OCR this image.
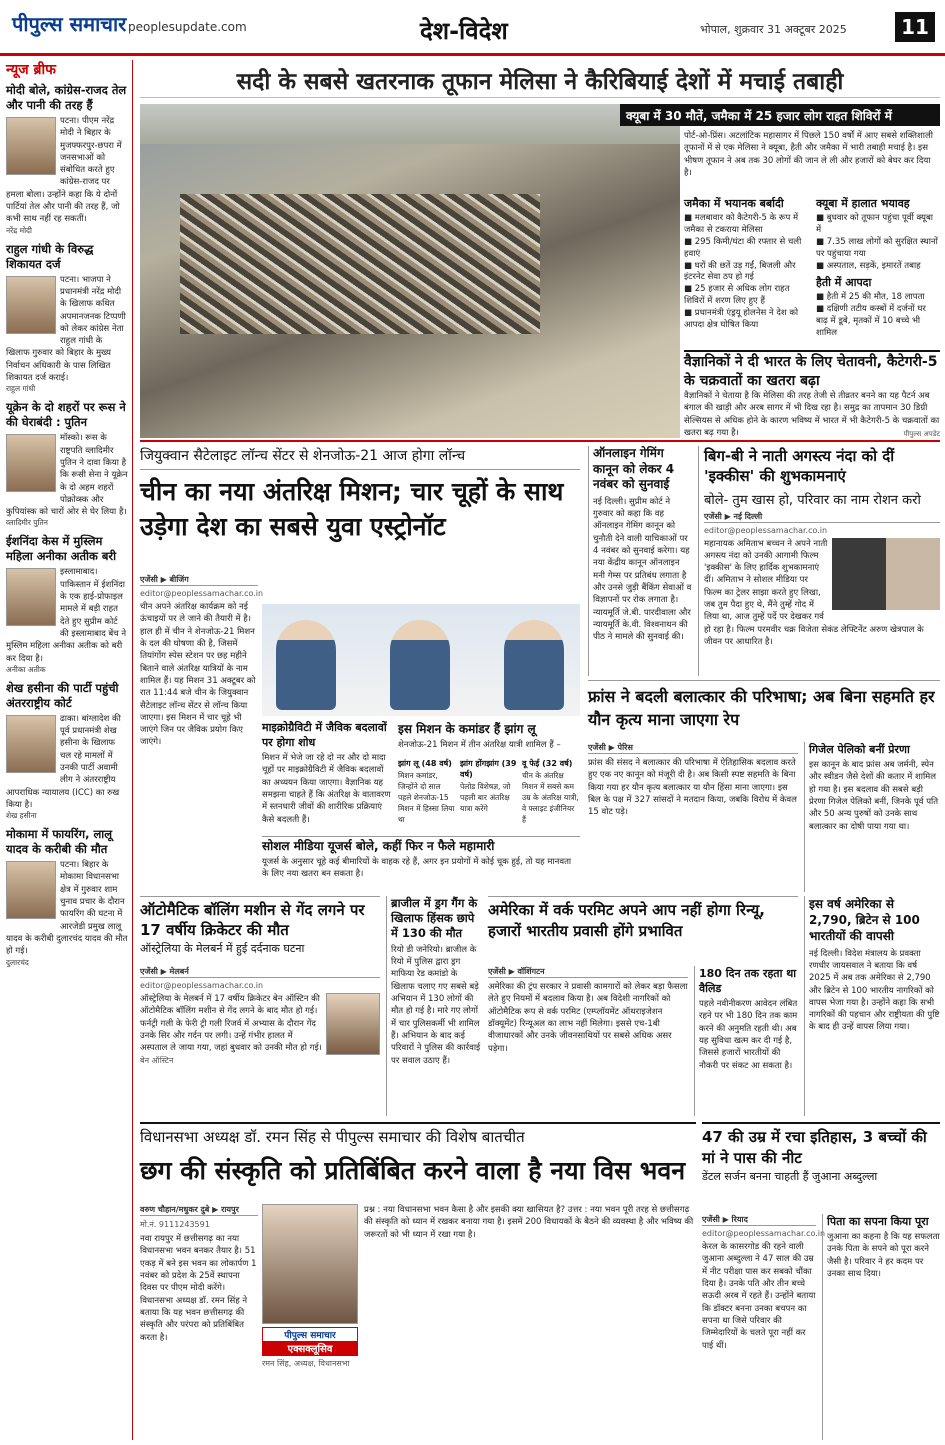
पीपुल्स समाचार peoplesupdate.com	देश-विदेश	भोपाल, शुक्रवार 31 अक्टूबर 2025	11
न्यूज ब्रीफ
मोदी बोले, कांग्रेस-राजद तेल और पानी की तरह हैं

पटना। पीएम नरेंद्र मोदी ने बिहार के मुजफ्फरपुर-छपरा में जनसभाओं को संबोधित करते हुए कांग्रेस-राजद पर हमला बोला। उन्होंने कहा कि ये दोनों पार्टियां तेल और पानी की तरह हैं, जो कभी साथ नहीं रह सकतीं।

नरेंद्र मोदी
राहुल गांधी के विरुद्ध शिकायत दर्ज

पटना। भाजपा ने प्रधानमंत्री नरेंद्र मोदी के खिलाफ कथित अपमानजनक टिप्पणी को लेकर कांग्रेस नेता राहुल गांधी के खिलाफ गुरुवार को बिहार के मुख्य निर्वाचन अधिकारी के पास लिखित शिकायत दर्ज कराई।

राहुल गांधी
यूक्रेन के दो शहरों पर रूस ने की घेराबंदी : पुतिन

मॉस्को। रूस के राष्ट्रपति व्लादिमीर पुतिन ने दावा किया है कि रूसी सेना ने यूक्रेन के दो अहम शहरों पोक्रोव्स्क और कुपियांस्क को चारों ओर से घेर लिया है।

व्लादिमीर पुतिन
ईशनिंदा केस में मुस्लिम महिला अनीका अतीक बरी

इस्लामाबाद। पाकिस्तान में ईशनिंदा के एक हाई-प्रोफाइल मामले में बड़ी राहत देते हुए सुप्रीम कोर्ट की इस्लामाबाद बेंच ने मुस्लिम महिला अनीका अतीक को बरी कर दिया है।

अनीका अतीक
शेख हसीना की पार्टी पहुंची अंतरराष्ट्रीय कोर्ट

ढाका। बांग्लादेश की पूर्व प्रधानमंत्री शेख हसीना के खिलाफ चल रहे मामलों में उनकी पार्टी अवामी लीग ने अंतरराष्ट्रीय आपराधिक न्यायालय (ICC) का रुख किया है।

शेख हसीना
मोकामा में फायरिंग, लालू यादव के करीबी की मौत

पटना। बिहार के मोकामा विधानसभा क्षेत्र में गुरुवार शाम चुनाव प्रचार के दौरान फायरिंग की घटना में आरजेडी प्रमुख लालू यादव के करीबी दुलारचंद यादव की मौत हो गई।

दुलारचंद
सदी के सबसे खतरनाक तूफान मेलिसा ने कैरिबियाई देशों में मचाई तबाही
क्यूबा में 30 मौतें, जमैका में 25 हजार लोग राहत शिविरों में
पोर्ट-ओ-प्रिंस। अटलांटिक महासागर में पिछले 150 वर्षों में आए सबसे शक्तिशाली तूफानों में से एक मेलिसा ने क्यूबा, हैती और जमैका में भारी तबाही मचाई है। इस भीषण तूफान ने अब तक 30 लोगों की जान ले ली और हजारों को बेघर कर दिया है।
जमैका में भयानक बर्बादी
■ मलबावार को कैटेगरी-5 के रूप में जमैका से टकराया मेलिसा
■ 295 किमी/घंटा की रफ्तार से चली हवाएं
■ घरों की छतें उड़ गईं, बिजली और इंटरनेट सेवा ठप हो गई
■ 25 हजार से अधिक लोग राहत शिविरों में शरण लिए हुए हैं
■ प्रधानमंत्री एंड्रयू होलनेस ने देश को आपदा क्षेत्र घोषित किया
क्यूबा में हालात भयावह
■ बुधवार को तूफान पहुंचा पूर्वी क्यूबा में
■ 7.35 लाख लोगों को सुरक्षित स्थानों पर पहुंचाया गया
■ अस्पताल, सड़कें, इमारतें तबाह
हैती में आपदा
■ हैती में 25 की मौत, 18 लापता
■ दक्षिणी तटीय कस्बों में दर्जनों घर बाढ़ में डूबे, मृतकों में 10 बच्चे भी शामिल
वैज्ञानिकों ने दी भारत के लिए चेतावनी, कैटेगरी-5 के चक्रवातों का खतरा बढ़ा
वैज्ञानिकों ने चेताया है कि मेलिसा की तरह तेजी से तीव्रतर बनने का यह पैटर्न अब बंगाल की खाड़ी और अरब सागर में भी दिख रहा है। समुद्र का तापमान 30 डिग्री सेल्सियस से अधिक होने के कारण भविष्य में भारत में भी कैटेगरी-5 के चक्रवातों का खतरा बढ़ गया है।	पीपुल्स अपडेट
जियुक्वान सैटेलाइट लॉन्च सेंटर से शेनजोऊ-21 आज होगा लॉन्च
चीन का नया अंतरिक्ष मिशन; चार चूहों के साथ उड़ेगा देश का सबसे युवा एस्ट्रोनॉट
एजेंसी ▶ बीजिंग
editor@peoplessamachar.co.in
चीन अपने अंतरिक्ष कार्यक्रम को नई ऊंचाइयों पर ले जाने की तैयारी में है। हाल ही में चीन ने शेनजोऊ-21 मिशन के दल की घोषणा की है, जिसमें तियांगोंग स्पेस स्टेशन पर छह महीने बिताने वाले अंतरिक्ष यात्रियों के नाम शामिल हैं। यह मिशन 31 अक्टूबर को रात 11:44 बजे चीन के जियुक्वान सैटेलाइट लॉन्च सेंटर से लॉन्च किया जाएगा। इस मिशन में चार चूहे भी जाएंगे जिन पर जैविक प्रयोग किए जाएंगे।
माइक्रोग्रैविटी में जैविक बदलावों पर होगा शोध
मिशन में भेजे जा रहे दो नर और दो मादा चूहों पर माइक्रोग्रैविटी में जैविक बदलावों का अध्ययन किया जाएगा। वैज्ञानिक यह समझना चाहते हैं कि अंतरिक्ष के वातावरण में स्तनधारी जीवों की शारीरिक प्रक्रियाएं कैसे बदलती हैं।
इस मिशन के कमांडर हैं झांग लू
शेनजोऊ-21 मिशन में तीन अंतरिक्ष यात्री शामिल हैं –
झांग लू (48 वर्ष)
मिशन कमांडर, जिन्होंने दो साल पहले शेनजोऊ-15 मिशन में हिस्सा लिया था
झांग होंगझांग (39 वर्ष)
पेलोड विशेषज्ञ, जो पहली बार अंतरिक्ष यात्रा करेंगे
वू फेई (32 वर्ष)
चीन के अंतरिक्ष मिशन में सबसे कम उम्र के अंतरिक्ष यात्री, वे फ्लाइट इंजीनियर हैं
सोशल मीडिया यूजर्स बोले, कहीं फिर न फैले महामारी
यूजर्स के अनुसार चूहे कई बीमारियों के वाहक रहे हैं, अगर इन प्रयोगों में कोई चूक हुई, तो यह मानवता के लिए नया खतरा बन सकता है।
ऑनलाइन गेमिंग कानून को लेकर 4 नवंबर को सुनवाई
नई दिल्ली। सुप्रीम कोर्ट ने गुरुवार को कहा कि वह ऑनलाइन गेमिंग कानून को चुनौती देने वाली याचिकाओं पर 4 नवंबर को सुनवाई करेगा। यह नया केंद्रीय कानून ऑनलाइन मनी गेम्स पर प्रतिबंध लगाता है और उनसे जुड़ी बैंकिंग सेवाओं व विज्ञापनों पर रोक लगाता है। न्यायमूर्ति जे.बी. पारदीवाला और न्यायमूर्ति के.वी. विश्वनाथन की पीठ ने मामले की सुनवाई की।
बिग-बी ने नाती अगस्त्य नंदा को दीं 'इक्कीस' की शुभकामनाएं
बोले- तुम खास हो, परिवार का नाम रोशन करो
एजेंसी ▶ नई दिल्ली
editor@peoplessamachar.co.in
महानायक अमिताभ बच्चन ने अपने नाती अगस्त्य नंदा को उनकी आगामी फिल्म 'इक्कीस' के लिए हार्दिक शुभकामनाएं दीं। अमिताभ ने सोशल मीडिया पर फिल्म का ट्रेलर साझा करते हुए लिखा, जब तुम पैदा हुए थे, मैंने तुम्हें गोद में लिया था, आज तुम्हें पर्दे पर देखकर गर्व हो रहा है। फिल्म परमवीर चक्र विजेता सेकंड लेफ्टिनेंट अरुण खेत्रपाल के जीवन पर आधारित है।
फ्रांस ने बदली बलात्कार की परिभाषा; अब बिना सहमति हर यौन कृत्य माना जाएगा रेप
एजेंसी ▶ पेरिस
फ्रांस की संसद ने बलात्कार की परिभाषा में ऐतिहासिक बदलाव करते हुए एक नए कानून को मंजूरी दी है। अब किसी स्पष्ट सहमति के बिना किया गया हर यौन कृत्य बलात्कार या यौन हिंसा माना जाएगा। इस बिल के पक्ष में 327 सांसदों ने मतदान किया, जबकि विरोध में केवल 15 वोट पड़े।
गिजेल पेलिको बनीं प्रेरणा
इस कानून के बाद फ्रांस अब जर्मनी, स्पेन और स्वीडन जैसे देशों की कतार में शामिल हो गया है। इस बदलाव की सबसे बड़ी प्रेरणा गिजेल पेलिको बनीं, जिनके पूर्व पति और 50 अन्य पुरुषों को उनके साथ बलात्कार का दोषी पाया गया था।
ऑटोमैटिक बॉलिंग मशीन से गेंद लगने पर 17 वर्षीय क्रिकेटर की मौत
ऑस्ट्रेलिया के मेलबर्न में हुई दर्दनाक घटना
एजेंसी ▶ मेलबर्न
editor@peoplessamachar.co.in
ऑस्ट्रेलिया के मेलबर्न में 17 वर्षीय क्रिकेटर बेन ऑस्टिन की ऑटोमैटिक बॉलिंग मशीन से गेंद लगने के बाद मौत हो गई। फर्नट्री गली के फेरी ट्री गली रिजर्व में अभ्यास के दौरान गेंद उनके सिर और गर्दन पर लगी। उन्हें गंभीर हालत में अस्पताल ले जाया गया, जहां बुधवार को उनकी मौत हो गई।
बेन ऑस्टिन
ब्राजील में ड्रग गैंग के खिलाफ हिंसक छापे में 130 की मौत
रियो डी जनेरियो। ब्राजील के रियो में पुलिस द्वारा ड्रग माफिया रेड कमांडो के खिलाफ चलाए गए सबसे बड़े अभियान में 130 लोगों की मौत हो गई है। मारे गए लोगों में चार पुलिसकर्मी भी शामिल हैं। अभियान के बाद कई परिवारों ने पुलिस की कार्रवाई पर सवाल उठाए हैं।
अमेरिका में वर्क परमिट अपने आप नहीं होगा रिन्यू, हजारों भारतीय प्रवासी होंगे प्रभावित
एजेंसी ▶ वॉशिंगटन
अमेरिका की ट्रंप सरकार ने प्रवासी कामगारों को लेकर बड़ा फैसला लेते हुए नियमों में बदलाव किया है। अब विदेशी नागरिकों को ऑटोमैटिक रूप से वर्क परमिट (एम्प्लॉयमेंट ऑथराइजेशन डॉक्यूमेंट) रिन्यूअल का लाभ नहीं मिलेगा। इससे एच-1बी वीजाधारकों और उनके जीवनसाथियों पर सबसे अधिक असर पड़ेगा।
180 दिन तक रहता था वैलिड
पहले नवीनीकरण आवेदन लंबित रहने पर भी 180 दिन तक काम करने की अनुमति रहती थी। अब यह सुविधा खत्म कर दी गई है, जिससे हजारों भारतीयों की नौकरी पर संकट आ सकता है।
इस वर्ष अमेरिका से 2,790, ब्रिटेन से 100 भारतीयों की वापसी
नई दिल्ली। विदेश मंत्रालय के प्रवक्ता रणधीर जायसवाल ने बताया कि वर्ष 2025 में अब तक अमेरिका से 2,790 और ब्रिटेन से 100 भारतीय नागरिकों को वापस भेजा गया है। उन्होंने कहा कि सभी नागरिकों की पहचान और राष्ट्रीयता की पुष्टि के बाद ही उन्हें वापस लिया गया।
विधानसभा अध्यक्ष डॉ. रमन सिंह से पीपुल्स समाचार की विशेष बातचीत
छग की संस्कृति को प्रतिबिंबित करने वाला है नया विस भवन
वरुण चौहान/मधुकर दुबे ▶ रायपुर
मो.नं. 9111243591
नवा रायपुर में छत्तीसगढ़ का नया विधानसभा भवन बनकर तैयार है। 51 एकड़ में बने इस भवन का लोकार्पण 1 नवंबर को प्रदेश के 25वें स्थापना दिवस पर पीएम मोदी करेंगे। विधानसभा अध्यक्ष डॉ. रमन सिंह ने बताया कि यह भवन छत्तीसगढ़ की संस्कृति और परंपरा को प्रतिबिंबित करता है।	पीपुल्स समाचार
एक्सक्लूसिव
रमन सिंह, अध्यक्ष, विधानसभा
प्रश्न : नया विधानसभा भवन कैसा है और इसकी क्या खासियत है? उत्तर : नया भवन पूरी तरह से छत्तीसगढ़ की संस्कृति को ध्यान में रखकर बनाया गया है। इसमें 200 विधायकों के बैठने की व्यवस्था है और भविष्य की जरूरतों को भी ध्यान में रखा गया है।
47 की उम्र में रचा इतिहास, 3 बच्चों की मां ने पास की नीट
डेंटल सर्जन बनना चाहती हैं जुआना अब्दुल्ला
एजेंसी ▶ रियाद
editor@peoplessamachar.co.in
केरल के कासरगोड की रहने वाली जुआना अब्दुल्ला ने 47 साल की उम्र में नीट परीक्षा पास कर सबको चौंका दिया है। उनके पति और तीन बच्चे सऊदी अरब में रहते हैं। उन्होंने बताया कि डॉक्टर बनना उनका बचपन का सपना था जिसे परिवार की जिम्मेदारियों के चलते पूरा नहीं कर पाई थीं।
पिता का सपना किया पूरा
जुआना का कहना है कि यह सफलता उनके पिता के सपने को पूरा करने जैसी है। परिवार ने हर कदम पर उनका साथ दिया।
